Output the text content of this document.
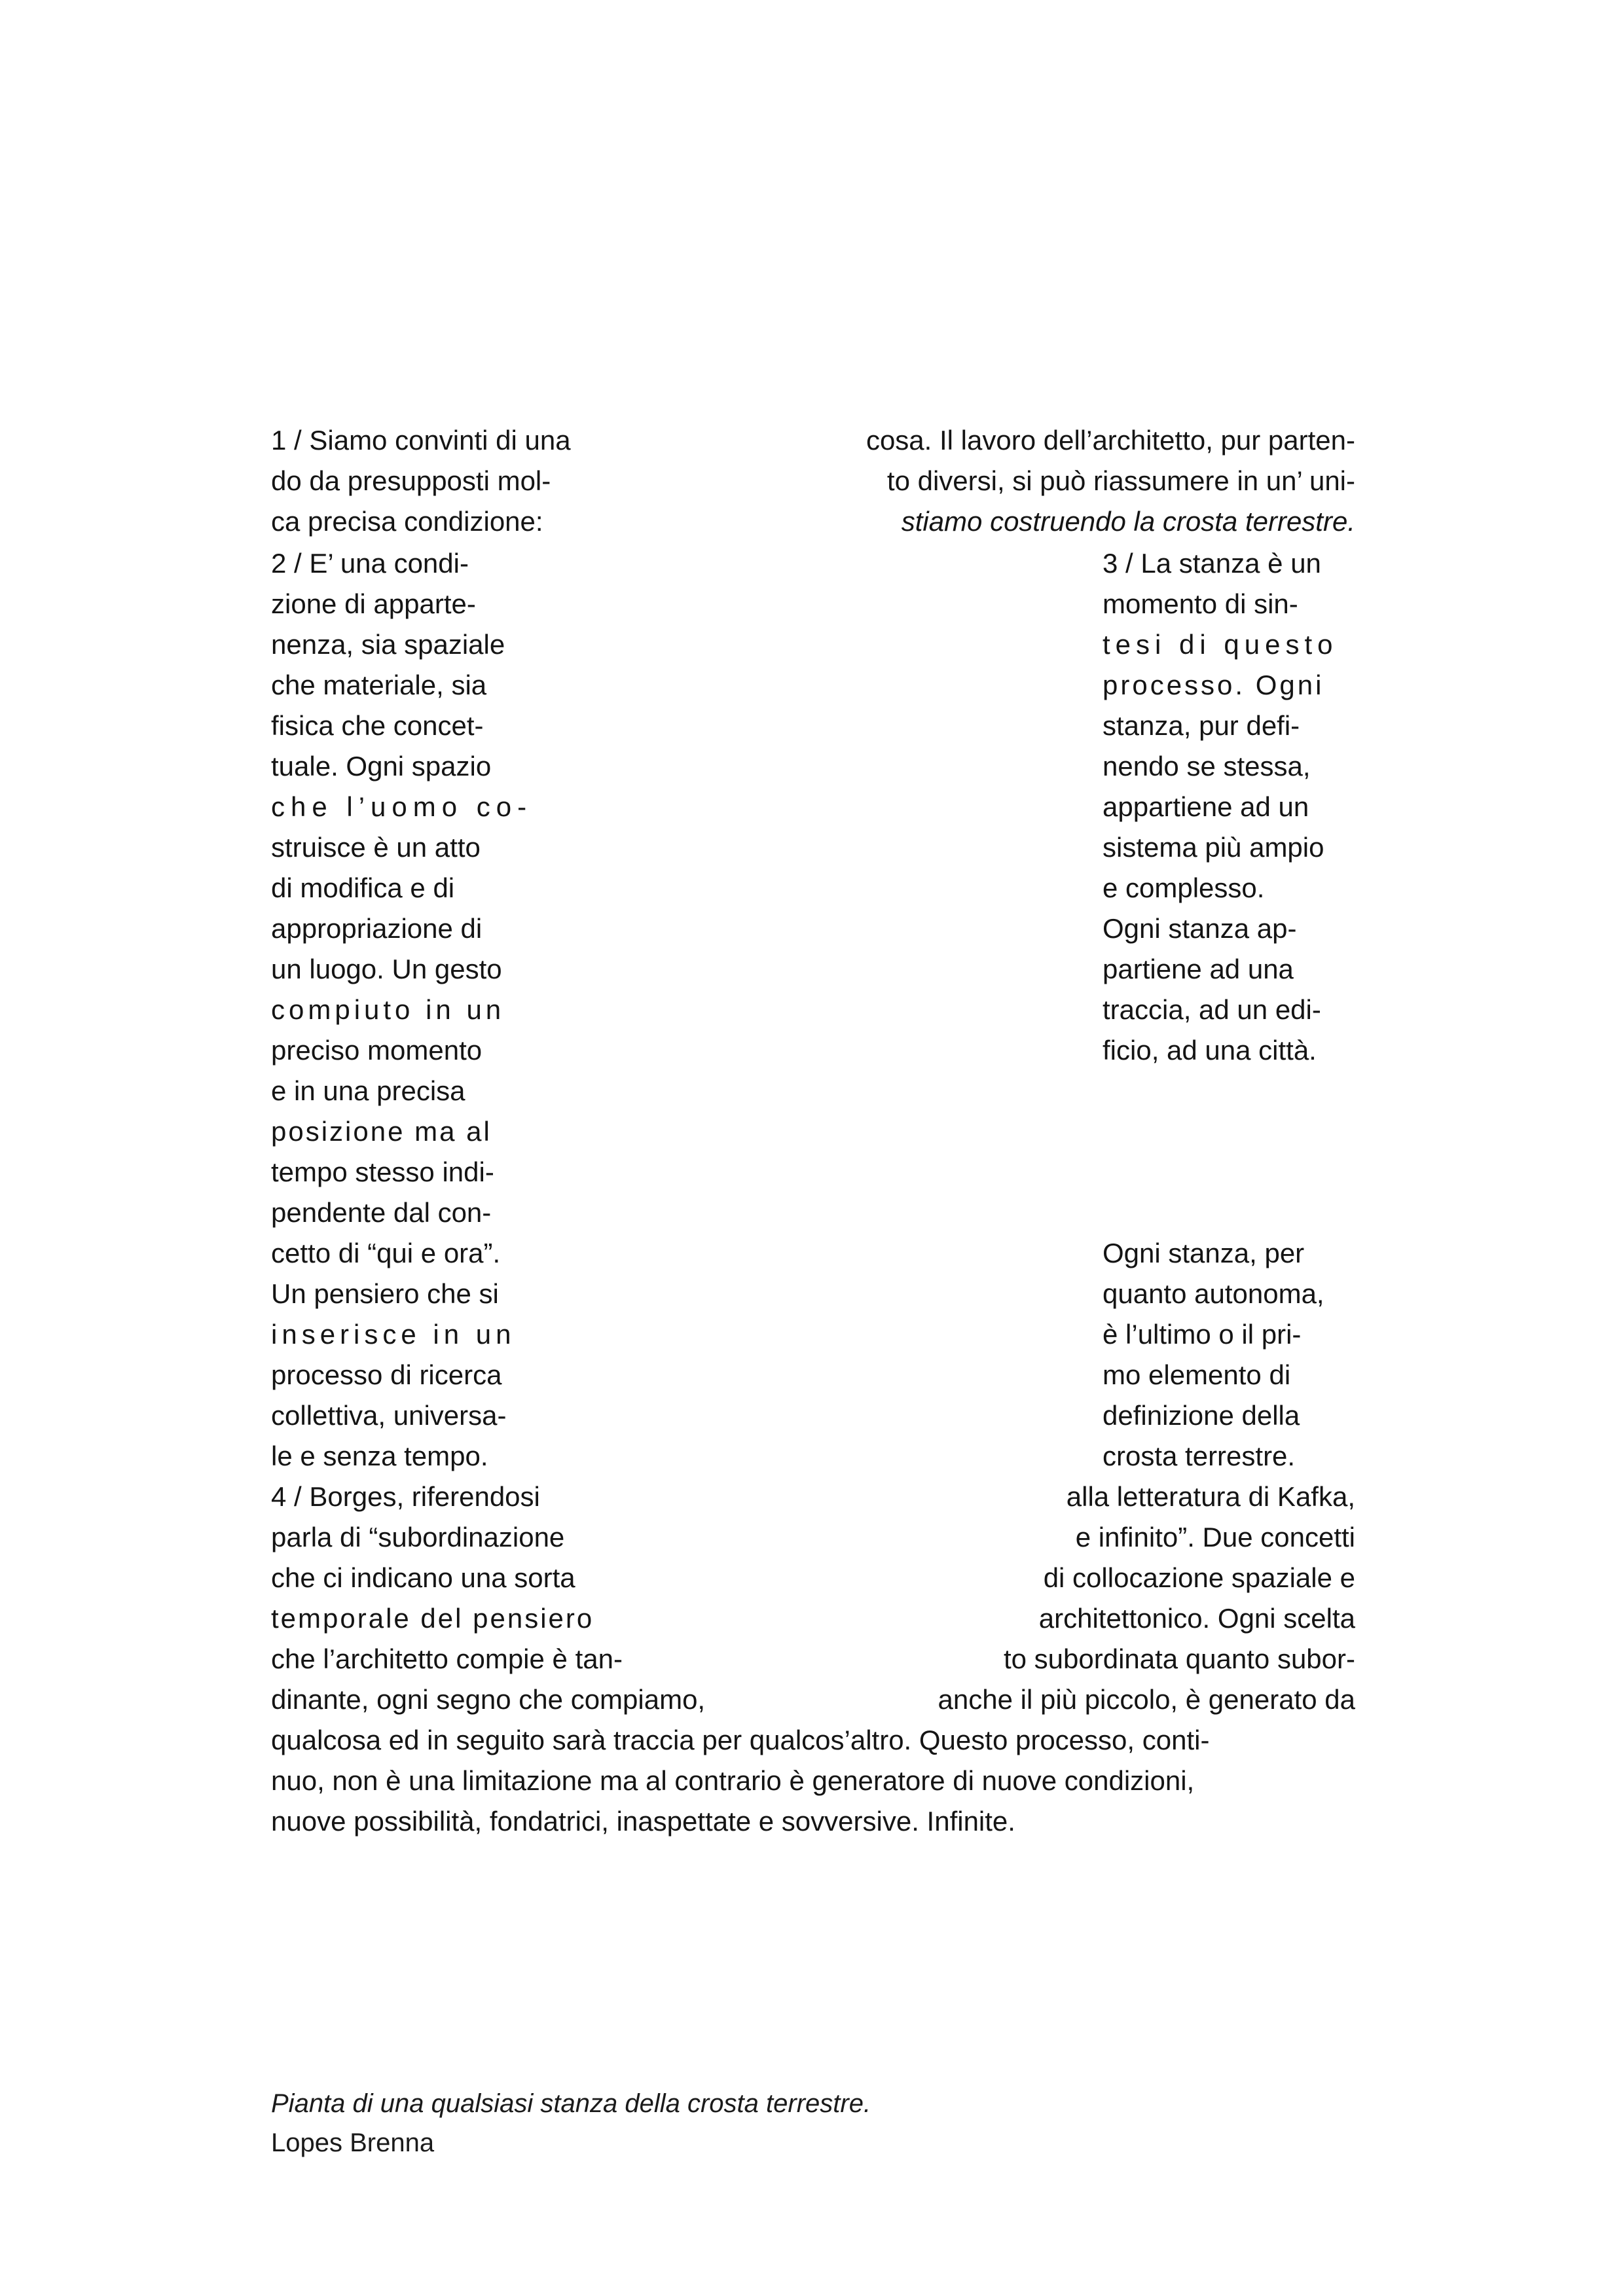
1 / Siamo convinti di una
do da presupposti mol-
ca precisa condizione:
cosa. Il lavoro dell’architetto, pur parten-
to diversi, si può riassumere in un’ uni-
stiamo costruendo la crosta terrestre.
2 / E’ una condi-
zione di apparte-
nenza, sia spaziale
che materiale, sia
fisica che concet-
tuale. Ogni spazio
che l’uomo co-
struisce è un atto
di modifica e di
appropriazione di
un luogo. Un gesto
compiuto in un
preciso momento
e in una precisa
posizione ma al
tempo stesso indi-
pendente dal con-
cetto di “qui e ora”.
Un pensiero che si
inserisce in un
processo di ricerca
collettiva, universa-
le e senza tempo.
3 / La stanza è un
momento di sin-
tesi di questo
processo. Ogni
stanza, pur defi-
nendo se stessa,
appartiene ad un
sistema più ampio
e complesso.
Ogni stanza ap-
partiene ad una
traccia, ad un edi-
ficio, ad una città.
Ogni stanza, per
quanto autonoma,
è l’ultimo o il pri-
mo elemento di
definizione della
crosta terrestre.
4 / Borges, riferendosi
parla di “subordinazione
che ci indicano una sorta
temporale del pensiero
che l’architetto compie è tan-
dinante, ogni segno che compiamo,
alla letteratura di Kafka,
e infinito”. Due concetti
di collocazione spaziale e
architettonico. Ogni scelta
to subordinata quanto subor-
anche il più piccolo, è generato da
qualcosa ed in seguito sarà traccia per qualcos’altro. Questo processo, conti-
nuo, non è una limitazione ma al contrario è generatore di nuove condizioni,
nuove possibilità, fondatrici, inaspettate e sovversive. Infinite.
Pianta di una qualsiasi stanza della crosta terrestre.
Lopes Brenna
